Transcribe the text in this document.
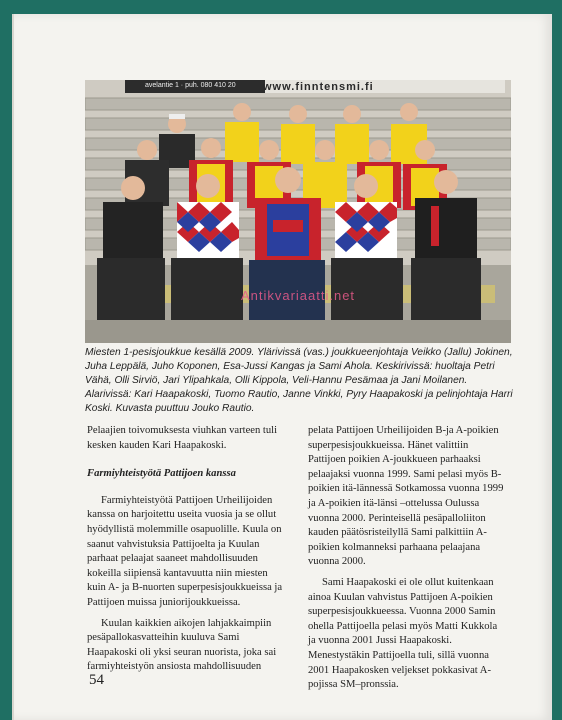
avelantie 1 · puh. 080 410 20 www.finntensmi.fi
Antikvariaatti.net
Miesten 1-pesisjoukkue kesällä 2009. Ylärivissä (vas.) joukkueenjohtaja Veikko (Jallu) Jokinen, Juha Leppälä, Juho Koponen, Esa-Jussi Kangas ja Sami Ahola. Keskirivissä: huoltaja Petri Vähä, Olli Sirviö, Jari Ylipahkala, Olli Kippola, Veli-Hannu Pesämaa ja Jani Moilanen. Alarivissä: Kari Haapakoski, Tuomo Rautio, Janne Vinkki, Pyry Haapakoski ja pelinjohtaja Harri Koski. Kuvasta puuttuu Jouko Rautio.

Pelaajien toivomuksesta viuhkan varteen tuli kesken kauden Kari Haapakoski.

Farmiyhteistyötä Pattijoen kanssa

Farmiyhteistyötä Pattijoen Urheilijoiden kanssa on harjoitettu useita vuosia ja se ollut hyödyllistä molemmille osapuolille. Kuula on saanut vahvistuksia Pattijoelta ja Kuulan parhaat pelaajat saaneet mahdollisuuden kokeilla siipiensä kantavuutta niin miesten kuin A- ja B-nuorten superpesisjoukkueissa ja Pattijoen muissa juniorijoukkueissa.

Kuulan kaikkien aikojen lahjakkaimpiin pesäpallokasvatteihin kuuluva Sami Haapakoski oli yksi seuran nuorista, joka sai farmiyhteistyön ansiosta mahdollisuuden

pelata Pattijoen Urheilijoiden B-ja A-poikien superpesisjoukkueissa. Hänet valittiin Pattijoen poikien A-joukkueen parhaaksi pelaajaksi vuonna 1999. Sami pelasi myös B-poikien itä-lännessä Sotkamossa vuonna 1999 ja A-poikien itä-länsi –ottelussa Oulussa vuonna 2000. Perinteisellä pesäpalloliiton kauden päätösristeilyllä Sami palkittiin A-poikien kolmanneksi parhaana pelaajana vuonna 2000.

Sami Haapakoski ei ole ollut kuitenkaan ainoa Kuulan vahvistus Pattijoen A-poikien superpesisjoukkueessa. Vuonna 2000 Samin ohella Pattijoella pelasi myös Matti Kukkola ja vuonna 2001 Jussi Haapakoski. Menestystäkin Pattijoella tuli, sillä vuonna 2001 Haapakosken veljekset pokkasivat A-pojissa SM–pronssia.

54
